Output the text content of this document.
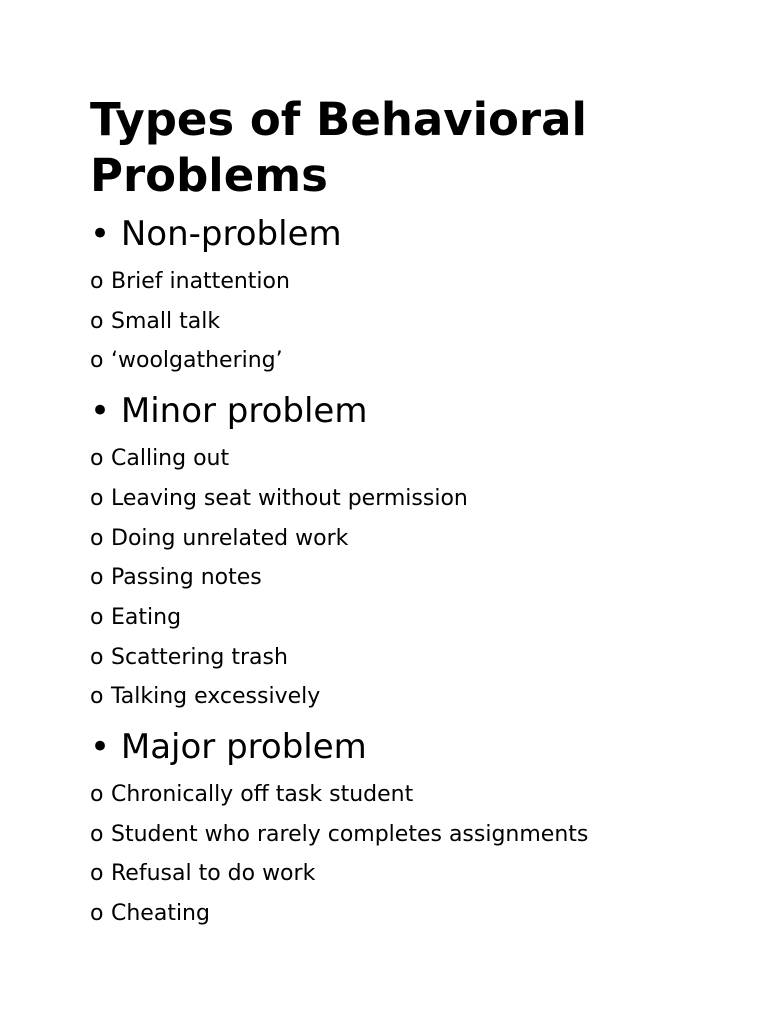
Types of Behavioral Problems
• Non-problem
o Brief inattention
o Small talk
o ‘woolgathering’
• Minor problem
o Calling out
o Leaving seat without permission
o Doing unrelated work
o Passing notes
o Eating
o Scattering trash
o Talking excessively
• Major problem
o Chronically off task student
o Student who rarely completes assignments
o Refusal to do work
o Cheating
